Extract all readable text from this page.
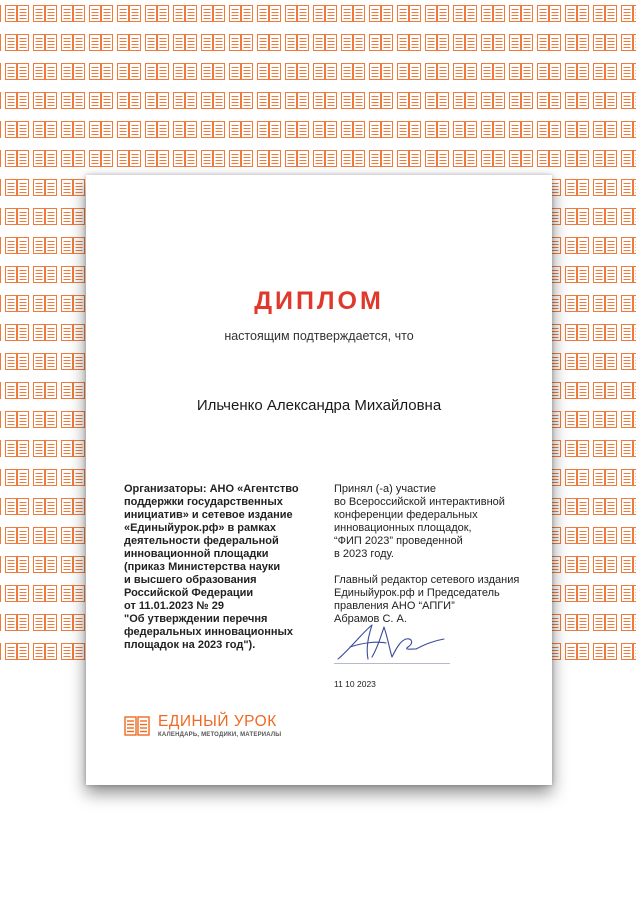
ДИПЛОМ
настоящим подтверждается, что
Ильченко Александра Михайловна
Организаторы: АНО «Агентство
поддержки государственных
инициатив» и сетевое издание
«Единыйурок.рф» в рамках
деятельности федеральной
инновационной площадки
(приказ Министерства науки
и высшего образования
Российской Федерации
от 11.01.2023 № 29
"Об утверждении перечня
федеральных инновационных
площадок на 2023 год").
Принял (-а) участие
во Всероссийской интерактивной
конференции федеральных
инновационных площадок,
“ФИП 2023” проведенной
в 2023 году.
Главный редактор сетевого издания
Единыйурок.рф и Председатель
правления АНО “АПГИ”
Абрамов С. А.
11 10 2023
ЕДИНЫЙ УРОК
КАЛЕНДАРЬ, МЕТОДИКИ, МАТЕРИАЛЫ
